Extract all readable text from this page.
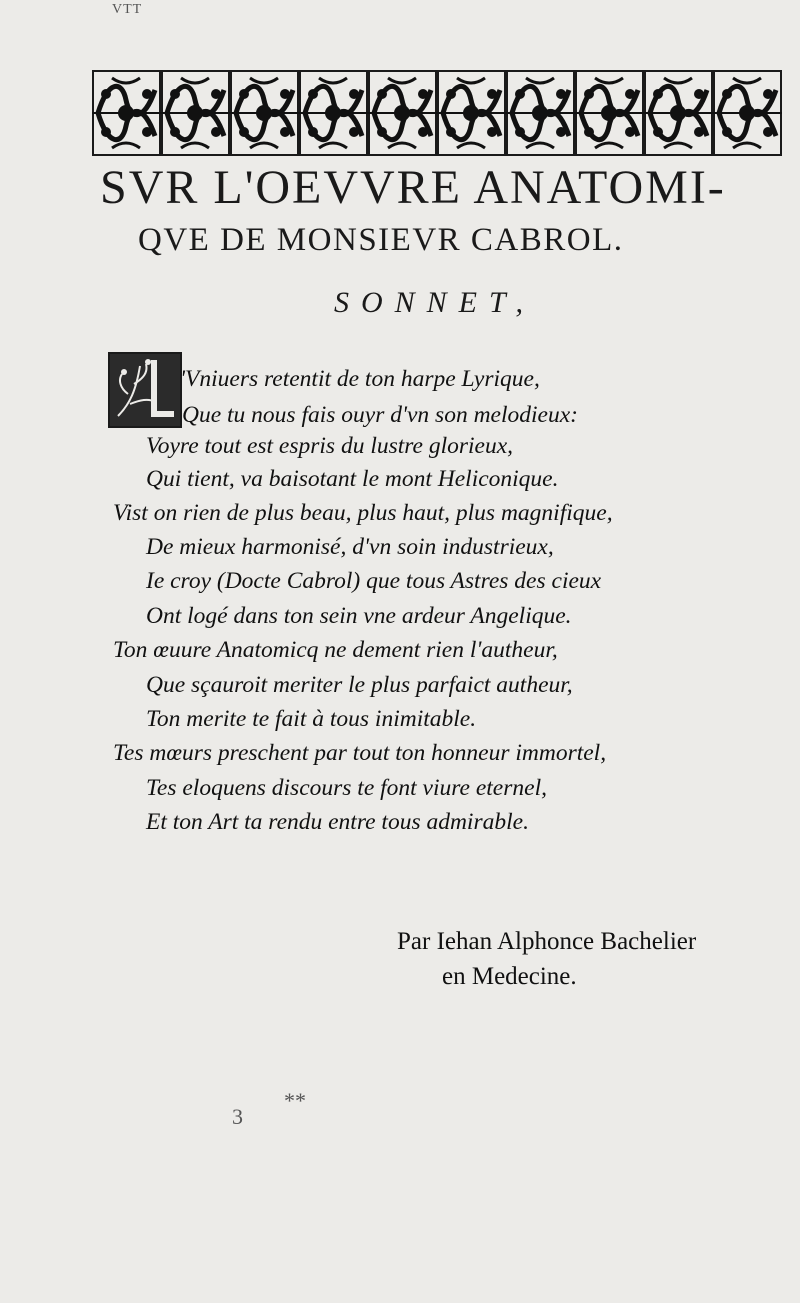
VTT
SVR L'OEVVRE ANATOMI-
QVE DE MONSIEVR CABROL.
SONNET,
'Vniuers retentit de ton harpe Lyrique,
Que tu nous fais ouyr d'vn son melodieux:
Voyre tout est espris du lustre glorieux,
Qui tient, va baisotant le mont Heliconique.
Vist on rien de plus beau, plus haut, plus magnifique,
De mieux harmonisé, d'vn soin industrieux,
Ie croy (Docte Cabrol) que tous Astres des cieux
Ont logé dans ton sein vne ardeur Angelique.
Ton œuure Anatomicq ne dement rien l'autheur,
Que sçauroit meriter le plus parfaict autheur,
Ton merite te fait à tous inimitable.
Tes mœurs preschent par tout ton honneur immortel,
Tes eloquens discours te font viure eternel,
Et ton Art ta rendu entre tous admirable.
Par Iehan Alphonce Bachelier
en Medecine.
**
3
